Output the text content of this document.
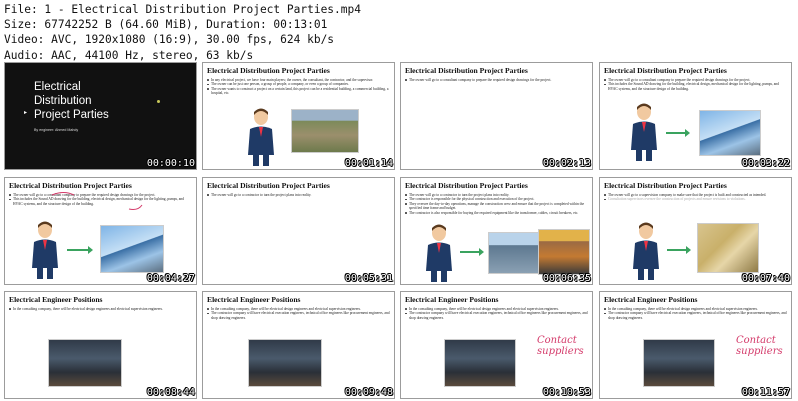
File: 1 - Electrical Distribution Project Parties.mp4
Size: 67742252 B (64.60 MiB), Duration: 00:13:01
Video: AVC, 1920x1080 (16:9), 30.00 fps, 624 kb/s
Audio: AAC, 44100 Hz, stereo, 63 kb/s
Electrical
Distribution
Project Parties
▸
By engineer: Ahmed Mahdy
00:00:10
Electrical Distribution Project Parties
In any electrical project, we have four main players; the owner, the consultant, the contractor, and the supervisor.
The owner can be just one person, a group of people, a company, or even a group of companies.
The owner wants to construct a project on a certain land, this project can be a residential building, a commercial building, a hospital, etc.
00:01:14
Electrical Distribution Project Parties
The owner will go to a consultant company to prepare the required design drawings for the project.
00:02:13
Electrical Distribution Project Parties
The owner will go to a consultant company to prepare the required design drawings for the project.
This includes the Sound AD drawing for the building, electrical design, mechanical design for the lighting, pumps, and HVAC systems, and the structure design of the building.
00:03:22
Electrical Distribution Project Parties
The owner will go to a consultant company to prepare the required design drawings for the project.
This includes the Sound AD drawing for the building, electrical design, mechanical design for the lighting, pumps, and HVAC systems, and the structure design of the building.
00:04:27
Electrical Distribution Project Parties
The owner will go to a contractor to turn the project plans into reality.
00:05:31
Electrical Distribution Project Parties
The owner will go to a contractor to turn the project plans into reality.
The contractor is responsible for the physical construction and execution of the project.
They oversee the day-to-day operations, manage the construction crew and ensure that the project is completed within the specified time frame and budget.
The contractor is also responsible for buying the required equipment like the transformer, cables, circuit breakers, etc.
00:06:35
Electrical Distribution Project Parties
The owner will go to a supervision company to make sure that the project is built and constructed as intended.
Consultation supervisors oversee the construction of projects and ensure revisions to violations.
00:07:40
Electrical Engineer Positions
In the consulting company, there will be electrical design engineers and electrical supervision engineers.
00:08:44
Electrical Engineer Positions
In the consulting company, there will be electrical design engineers and electrical supervision engineers.
The contractor company will have electrical execution engineers, technical office engineers like procurement engineers, and shop drawing engineers.
00:09:48
Electrical Engineer Positions
In the consulting company, there will be electrical design engineers and electrical supervision engineers.
The contractor company will have electrical execution engineers, technical office engineers like procurement engineers, and shop drawing engineers.
Contact
suppliers
00:10:53
Electrical Engineer Positions
In the consulting company, there will be electrical design engineers and electrical supervision engineers.
The contractor company will have electrical execution engineers, technical office engineers like procurement engineers, and shop drawing engineers.
Contact
suppliers
00:11:57
